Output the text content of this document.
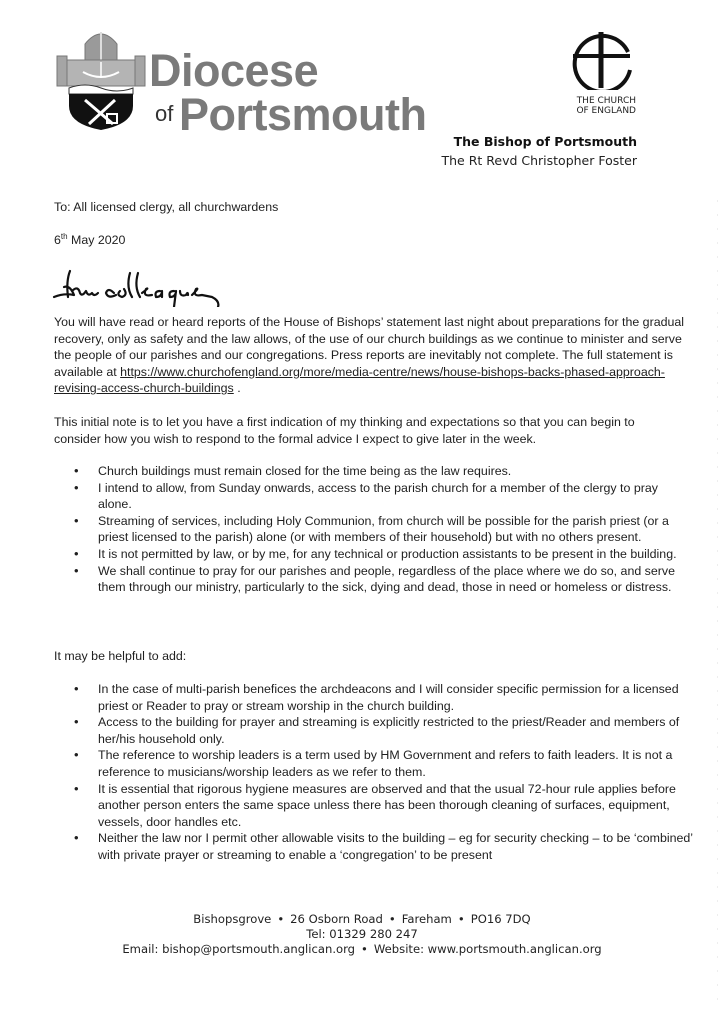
Diocese
of Portsmouth	THE CHURCH
OF ENGLAND
The Bishop of Portsmouth
The Rt Revd Christopher Foster
To: All licensed clergy, all churchwardens
6th May 2020

You will have read or heard reports of the House of Bishops’ statement last night about preparations for the gradual recovery, only as safety and the law allows, of the use of our church buildings as we continue to minister and serve the people of our parishes and our congregations. Press reports are inevitably not complete. The full statement is available at https://www.churchofengland.org/more/media-centre/news/house-bishops-backs-phased-approach-revising-access-church-buildings .

This initial note is to let you have a first indication of my thinking and expectations so that you can begin to consider how you wish to respond to the formal advice I expect to give later in the week.

• Church buildings must remain closed for the time being as the law requires.
• I intend to allow, from Sunday onwards, access to the parish church for a member of the clergy to pray alone.
• Streaming of services, including Holy Communion, from church will be possible for the parish priest (or a priest licensed to the parish) alone (or with members of their household) but with no others present.
• It is not permitted by law, or by me, for any technical or production assistants to be present in the building.
• We shall continue to pray for our parishes and people, regardless of the place where we do so, and serve them through our ministry, particularly to the sick, dying and dead, those in need or homeless or distress.

It may be helpful to add:

• In the case of multi-parish benefices the archdeacons and I will consider specific permission for a licensed priest or Reader to pray or stream worship in the church building.
• Access to the building for prayer and streaming is explicitly restricted to the priest/Reader and members of her/his household only.
• The reference to worship leaders is a term used by HM Government and refers to faith leaders. It is not a reference to musicians/worship leaders as we refer to them.
• It is essential that rigorous hygiene measures are observed and that the usual 72-hour rule applies before another person enters the same space unless there has been thorough cleaning of surfaces, equipment, vessels, door handles etc.
• Neither the law nor I permit other allowable visits to the building – eg for security checking – to be ‘combined’ with private prayer or streaming to enable a ‘congregation’ to be present
Bishopsgrove • 26 Osborn Road • Fareham • PO16 7DQ
Tel: 01329 280 247
Email: bishop@portsmouth.anglican.org • Website: www.portsmouth.anglican.org
